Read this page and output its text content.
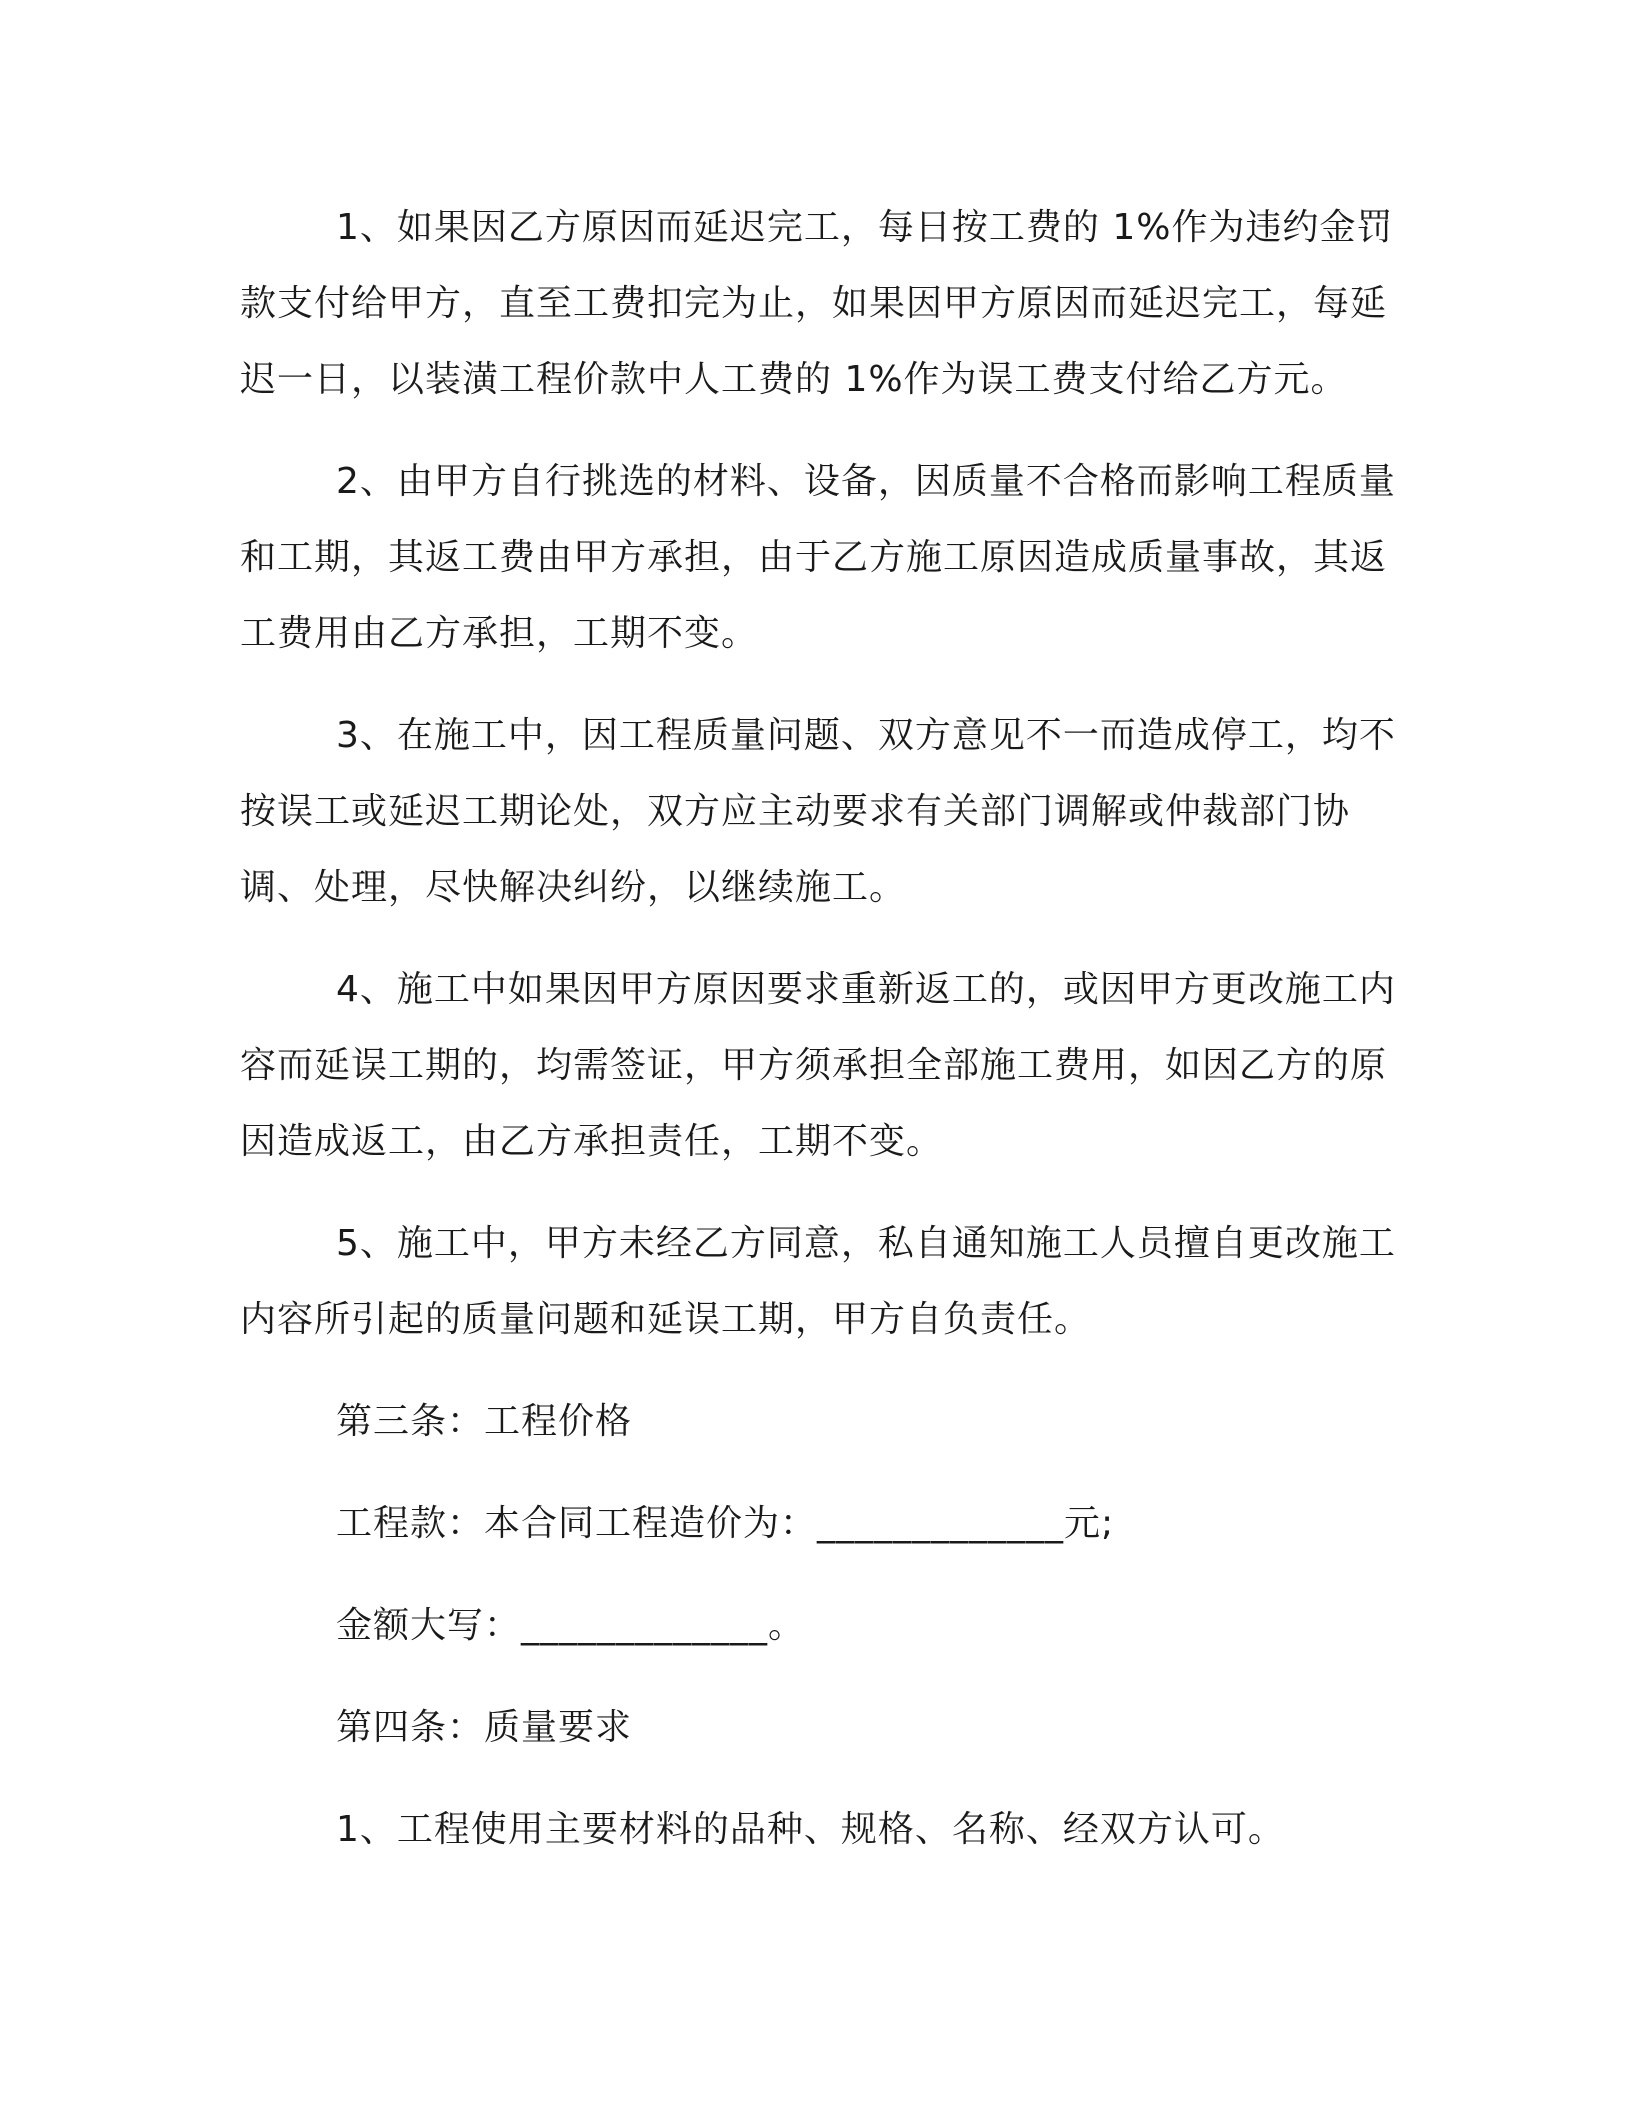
1、如果因乙方原因而延迟完工，每日按工费的 1%作为违约金罚款支付给甲方，直至工费扣完为止，如果因甲方原因而延迟完工，每延迟一日，以装潢工程价款中人工费的 1%作为误工费支付给乙方元。

2、由甲方自行挑选的材料、设备，因质量不合格而影响工程质量和工期，其返工费由甲方承担，由于乙方施工原因造成质量事故，其返工费用由乙方承担，工期不变。

3、在施工中，因工程质量问题、双方意见不一而造成停工，均不按误工或延迟工期论处，双方应主动要求有关部门调解或仲裁部门协调、处理，尽快解决纠纷，以继续施工。

4、施工中如果因甲方原因要求重新返工的，或因甲方更改施工内容而延误工期的，均需签证，甲方须承担全部施工费用，如因乙方的原因造成返工，由乙方承担责任，工期不变。

5、施工中，甲方未经乙方同意，私自通知施工人员擅自更改施工内容所引起的质量问题和延误工期，甲方自负责任。

第三条：工程价格

工程款：本合同工程造价为：_____________元;

金额大写：_____________。

第四条：质量要求

1、工程使用主要材料的品种、规格、名称、经双方认可。
